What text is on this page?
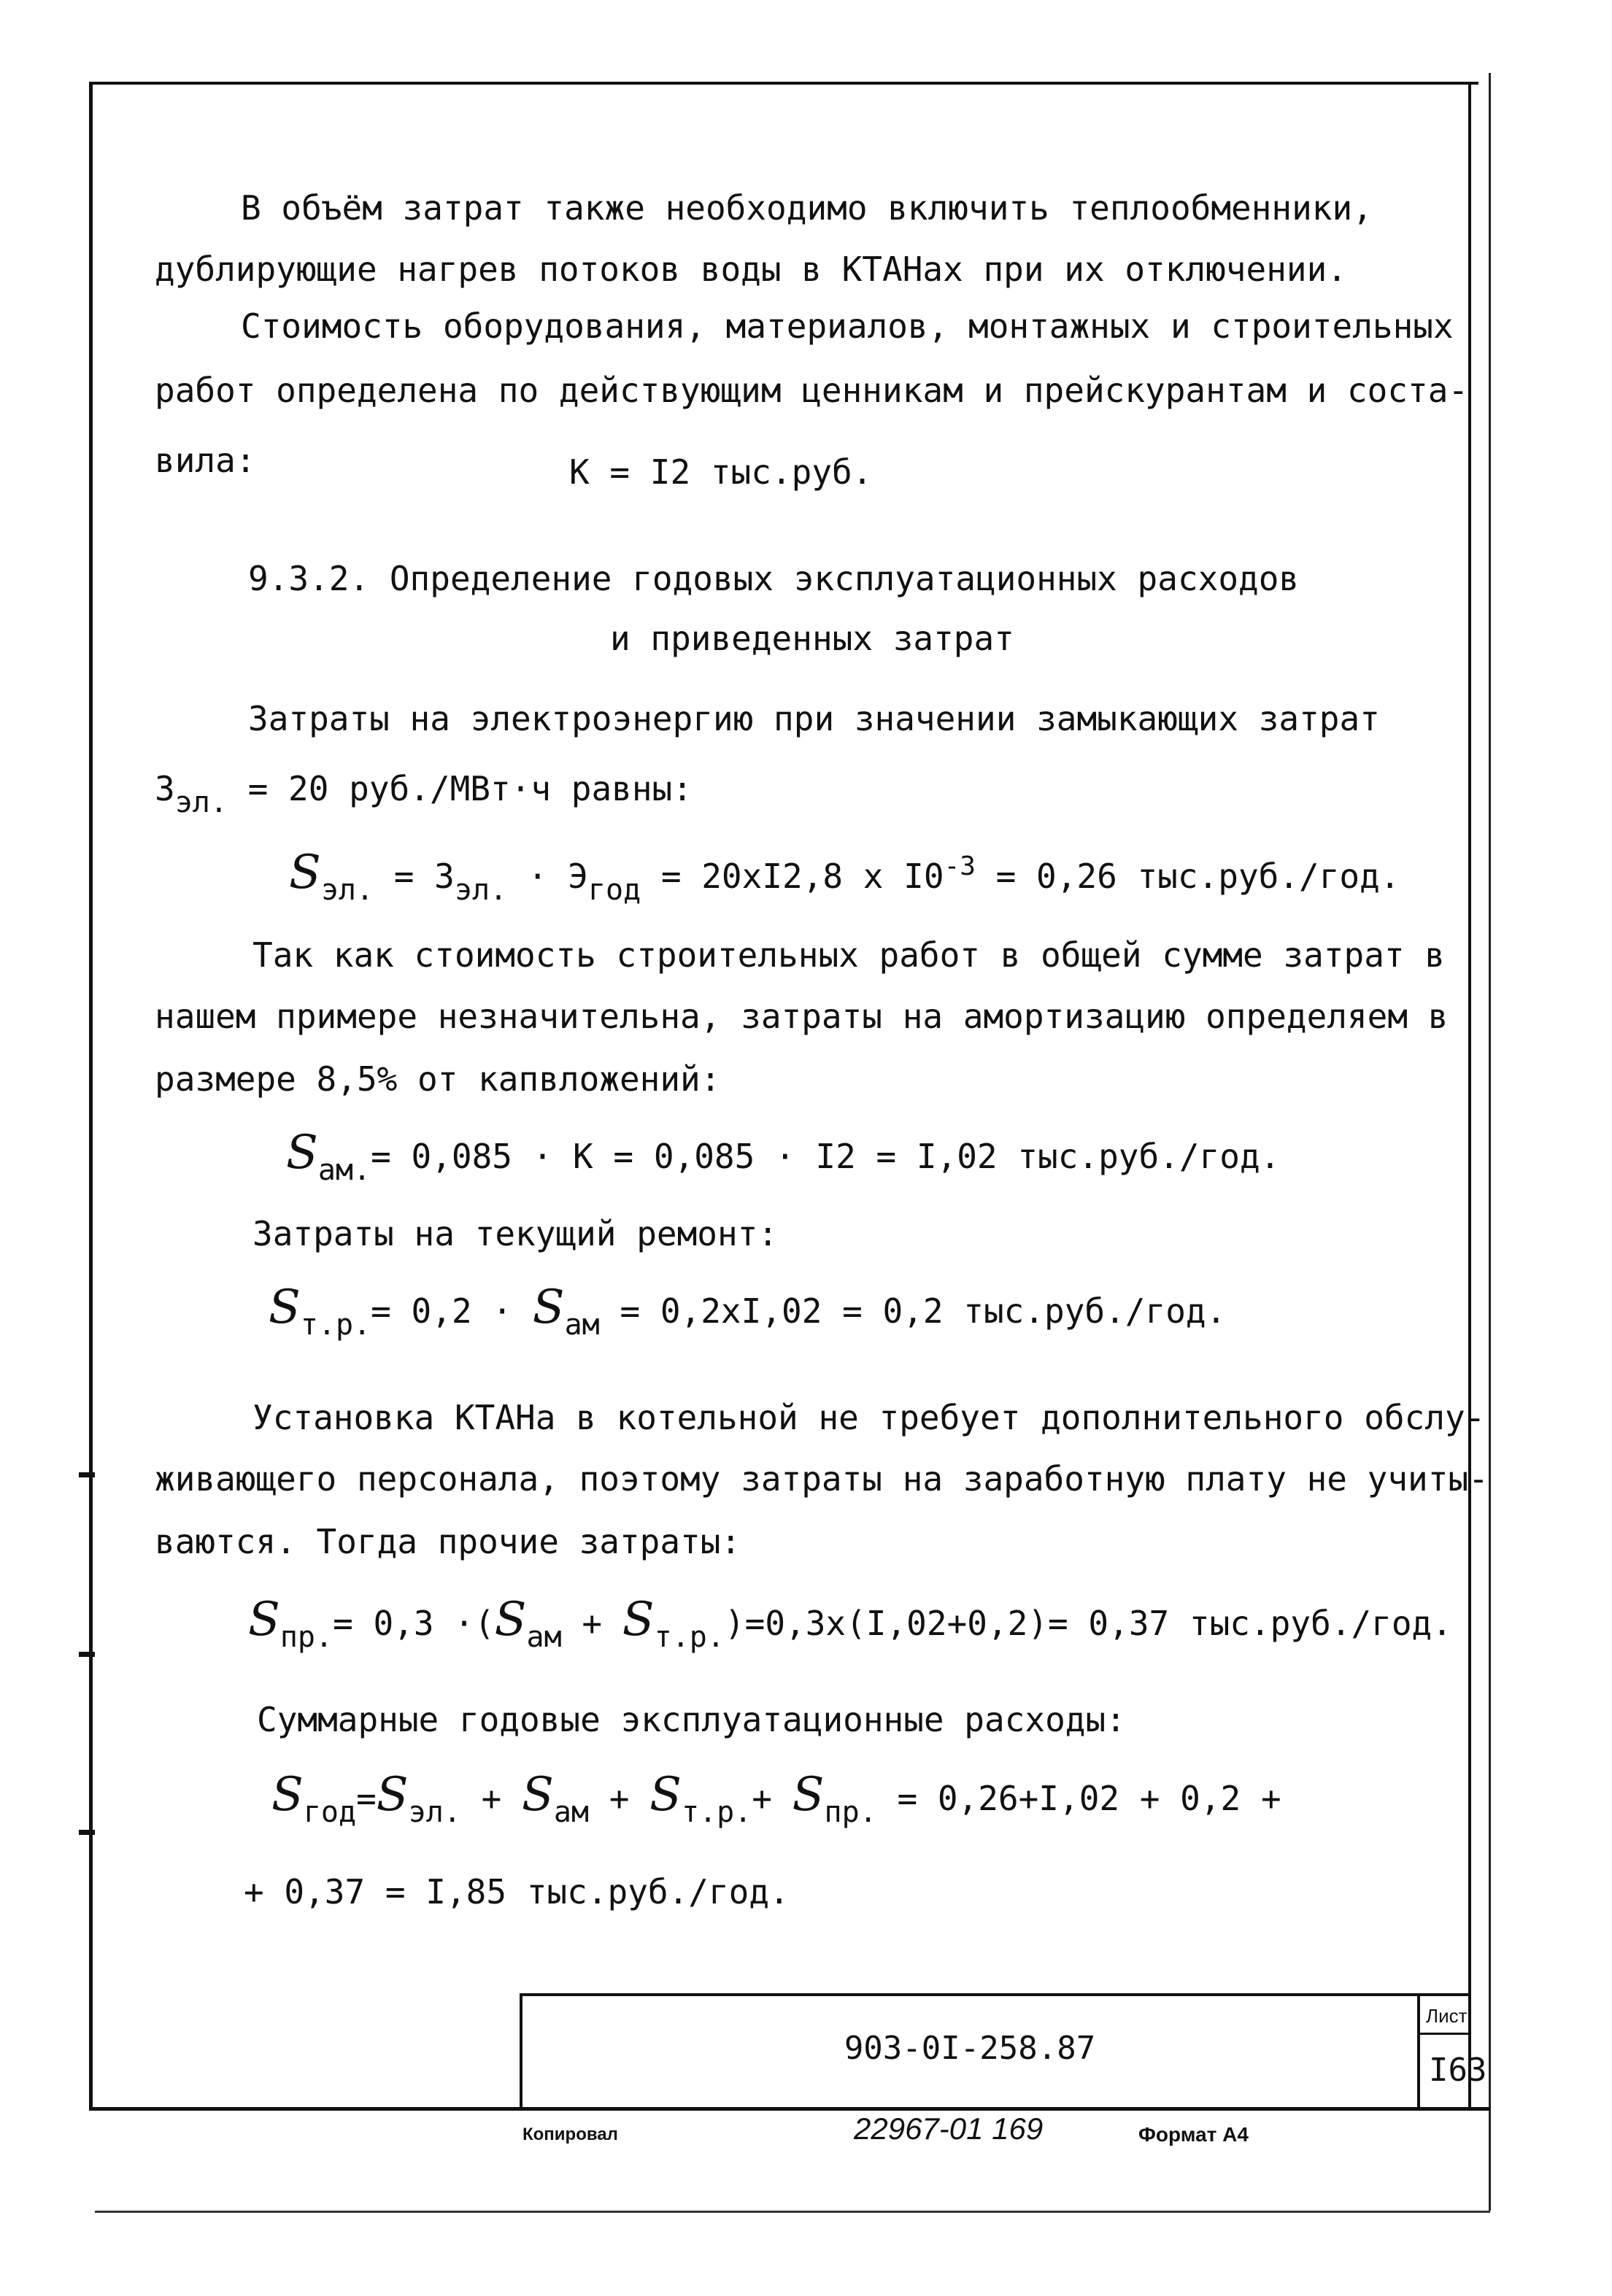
В объём затрат также необходимо включить теплообменники,
дублирующие нагрев потоков воды в КТАНах при их отключении.
Стоимость оборудования, материалов, монтажных и строительных
работ определена по действующим ценникам и прейскурантам и соста-
вила:	К = I2 тыс.руб.
9.3.2. Определение годовых эксплуатационных расходов
и приведенных затрат
Затраты на электроэнергию при значении замыкающих затрат
Зэл. = 20 руб./МВт·ч равны:
Sэл. = Зэл. · Эгод = 20хI2,8 х $I0^{-3} = 0,26$ тыс.руб./год.
Так как стоимость строительных работ в общей сумме затрат в
нашем примере незначительна, затраты на амортизацию определяем в
размере 8,5% от капвложений:
Sам.= 0,085 · К = 0,085 · I2 = I,02 тыс.руб./год.
Затраты на текущий ремонт:
Sт.р.= 0,2 · Sам = 0,2хI,02 = 0,2 тыс.руб./год.
Установка КТАНа в котельной не требует дополнительного обслу-
живающего персонала, поэтому затраты на заработную плату не учиты-
ваются. Тогда прочие затраты:
Sпр.= 0,3 ·(Sам + Sт.р.)=0,3х(I,02+0,2)= 0,37 тыс.руб./год.
Суммарные годовые эксплуатационные расходы:
Sгод=Sэл. + Sам + Sт.р.+ Sпр. = 0,26+I,02 + 0,2 +
+ 0,37 = I,85 тыс.руб./год.
903-0I-258.87
Лист
I63
Копировал	22967-01 169	Формат А4
